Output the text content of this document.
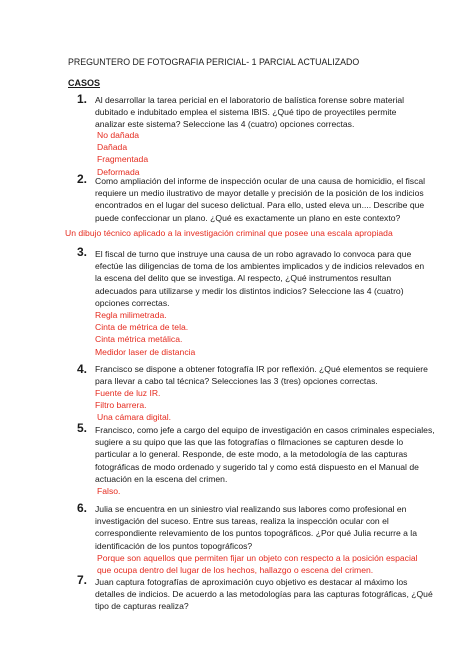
PREGUNTERO DE FOTOGRAFIA PERICIAL- 1 PARCIAL ACTUALIZADO
CASOS
1. Al desarrollar la tarea pericial en el laboratorio de balística forense sobre material
dubitado e indubitado emplea el sistema IBIS. ¿Qué tipo de proyectiles permite
analizar este sistema? Seleccione las 4 (cuatro) opciones correctas.
No dañada
Dañada
Fragmentada
Deformada
2. Como ampliación del informe de inspección ocular de una causa de homicidio, el fiscal
requiere un medio ilustrativo de mayor detalle y precisión de la posición de los indicios
encontrados en el lugar del suceso delictual. Para ello, usted eleva un.... Describe que
puede confeccionar un plano. ¿Qué es exactamente un plano en este contexto?
Un dibujo técnico aplicado a la investigación criminal que posee una escala apropiada
3. El fiscal de turno que instruye una causa de un robo agravado lo convoca para que
efectúe las diligencias de toma de los ambientes implicados y de indicios relevados en
la escena del delito que se investiga. Al respecto, ¿Qué instrumentos resultan
adecuados para utilizarse y medir los distintos indicios? Seleccione las 4 (cuatro)
opciones correctas.
Regla milimetrada.
Cinta de métrica de tela.
Cinta métrica metálica.
Medidor laser de distancia
4. Francisco se dispone a obtener fotografía IR por reflexión. ¿Qué elementos se requiere
para llevar a cabo tal técnica? Selecciones las 3 (tres) opciones correctas.
Fuente de luz IR.
Filtro barrera.
Una cámara digital.
5. Francisco, como jefe a cargo del equipo de investigación en casos criminales especiales,
sugiere a su quipo que las que las fotografías o filmaciones se capturen desde lo
particular a lo general. Responde, de este modo, a la metodología de las capturas
fotográficas de modo ordenado y sugerido tal y como está dispuesto en el Manual de
actuación en la escena del crimen.
Falso.
6. Julia se encuentra en un siniestro vial realizando sus labores como profesional en
investigación del suceso. Entre sus tareas, realiza la inspección ocular con el
correspondiente relevamiento de los puntos topográficos. ¿Por qué Julia recurre a la
identificación de los puntos topográficos?
Porque son aquellos que permiten fijar un objeto con respecto a la posición espacial
que ocupa dentro del lugar de los hechos, hallazgo o escena del crimen.
7. Juan captura fotografías de aproximación cuyo objetivo es destacar al máximo los
detalles de indicios. De acuerdo a las metodologías para las capturas fotográficas, ¿Qué
tipo de capturas realiza?
